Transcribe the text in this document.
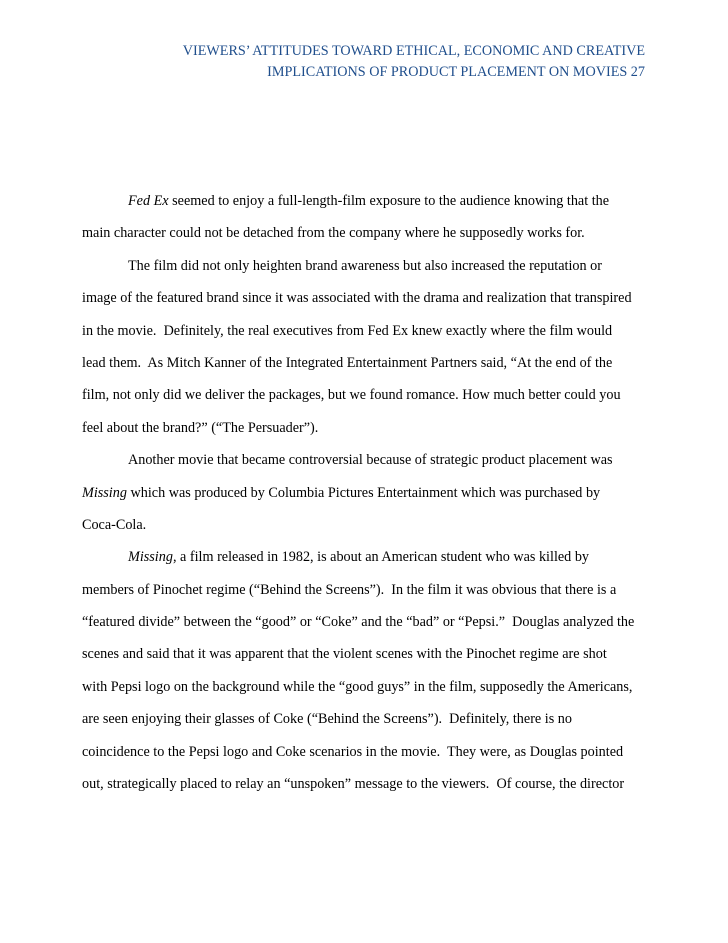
VIEWERS’ ATTITUDES TOWARD ETHICAL, ECONOMIC AND CREATIVE
IMPLICATIONS OF PRODUCT PLACEMENT ON MOVIES 27
Fed Ex seemed to enjoy a full-length-film exposure to the audience knowing that the
main character could not be detached from the company where he supposedly works for.
The film did not only heighten brand awareness but also increased the reputation or
image of the featured brand since it was associated with the drama and realization that transpired
in the movie.  Definitely, the real executives from Fed Ex knew exactly where the film would
lead them.  As Mitch Kanner of the Integrated Entertainment Partners said, “At the end of the
film, not only did we deliver the packages, but we found romance. How much better could you
feel about the brand?” (“The Persuader”).
Another movie that became controversial because of strategic product placement was
Missing which was produced by Columbia Pictures Entertainment which was purchased by
Coca-Cola.
Missing, a film released in 1982, is about an American student who was killed by
members of Pinochet regime (“Behind the Screens”).  In the film it was obvious that there is a
“featured divide” between the “good” or “Coke” and the “bad” or “Pepsi.”  Douglas analyzed the
scenes and said that it was apparent that the violent scenes with the Pinochet regime are shot
with Pepsi logo on the background while the “good guys” in the film, supposedly the Americans,
are seen enjoying their glasses of Coke (“Behind the Screens”).  Definitely, there is no
coincidence to the Pepsi logo and Coke scenarios in the movie.  They were, as Douglas pointed
out, strategically placed to relay an “unspoken” message to the viewers.  Of course, the director
